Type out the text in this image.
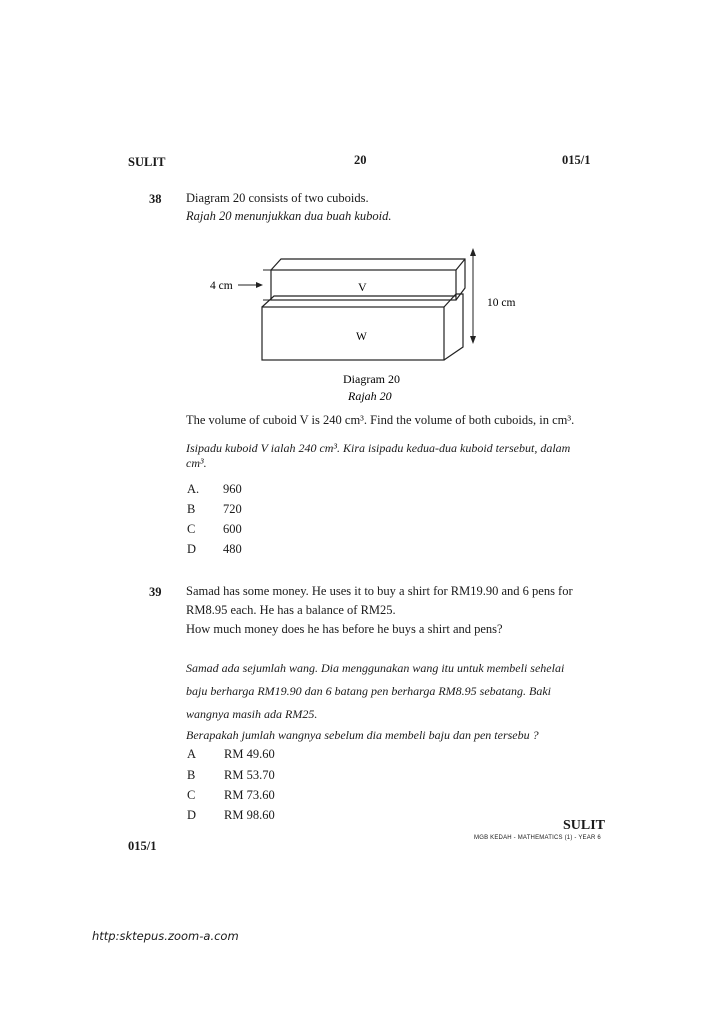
SULIT	20	015/1
38 Diagram 20 consists of two cuboids.
Rajah 20 menunjukkan dua buah kuboid.
4 cm	V
W
10 cm
Diagram 20
Rajah 20
The volume of cuboid V is 240 cm³. Find the volume of both cuboids, in cm³.
Isipadu kuboid V ialah 240 cm³. Kira isipadu kedua-dua kuboid tersebut, dalam
cm³.
A. 960
B 720
C 600
D 480
39 Samad has some money. He uses it to buy a shirt for RM19.90 and 6 pens for
RM8.95 each. He has a balance of RM25.
How much money does he has before he buys a shirt and pens?
Samad ada sejumlah wang. Dia menggunakan wang itu untuk membeli sehelai
baju berharga RM19.90 dan 6 batang pen berharga RM8.95 sebatang. Baki
wangnya masih ada RM25.
Berapakah jumlah wangnya sebelum dia membeli baju dan pen tersebu ?
A RM 49.60
B RM 53.70
C RM 73.60
D RM 98.60
SULIT
MGB KEDAH - MATHEMATICS (1) - YEAR 6
015/1
http:sktepus.zoom-a.com
